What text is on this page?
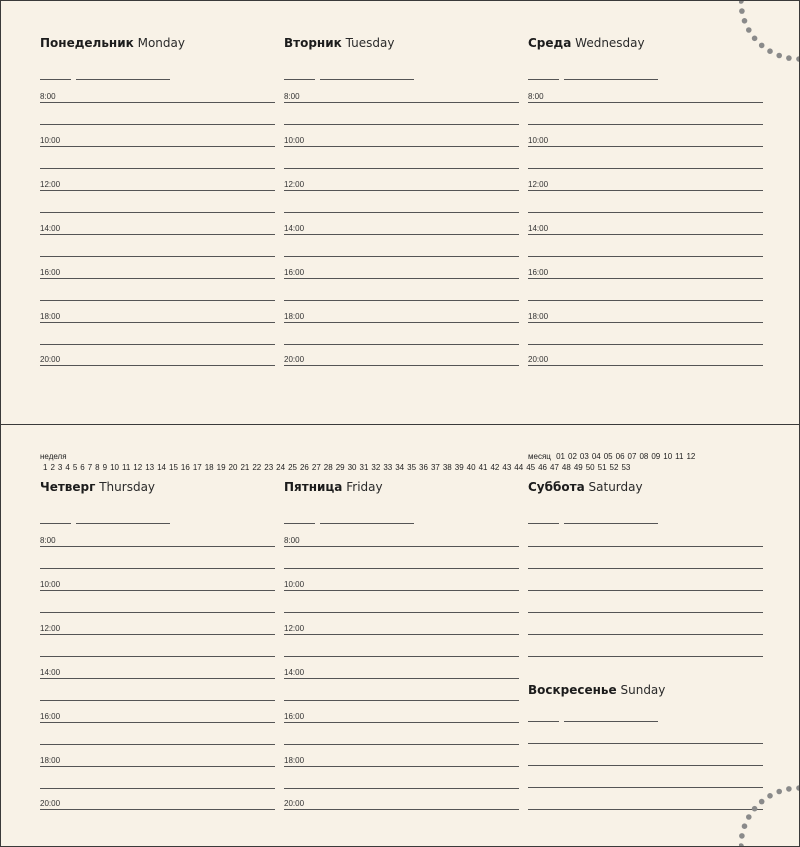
Понедельник Monday
8:00
10:00
12:00
14:00
16:00
18:00
20:00
Вторник Tuesday
8:00
10:00
12:00
14:00
16:00
18:00
20:00
Среда Wednesday
8:00
10:00
12:00
14:00
16:00
18:00
20:00
неделя 1 2 3 4 5 6 7 8 9 10 11 12 13 14 15 16 17 18 19 20 21 22 23 24 25 26 27 28 29 30 31 32 33 34 35 36 37 38 39 40 41 42 43 44 45 46 47 48 49 50 51 52 53
месяц 01 02 03 04 05 06 07 08 09 10 11 12
Четверг Thursday
8:00
10:00
12:00
14:00
16:00
18:00
20:00
Пятница Friday
8:00
10:00
12:00
14:00
16:00
18:00
20:00
Суббота Saturday
Воскресенье Sunday
